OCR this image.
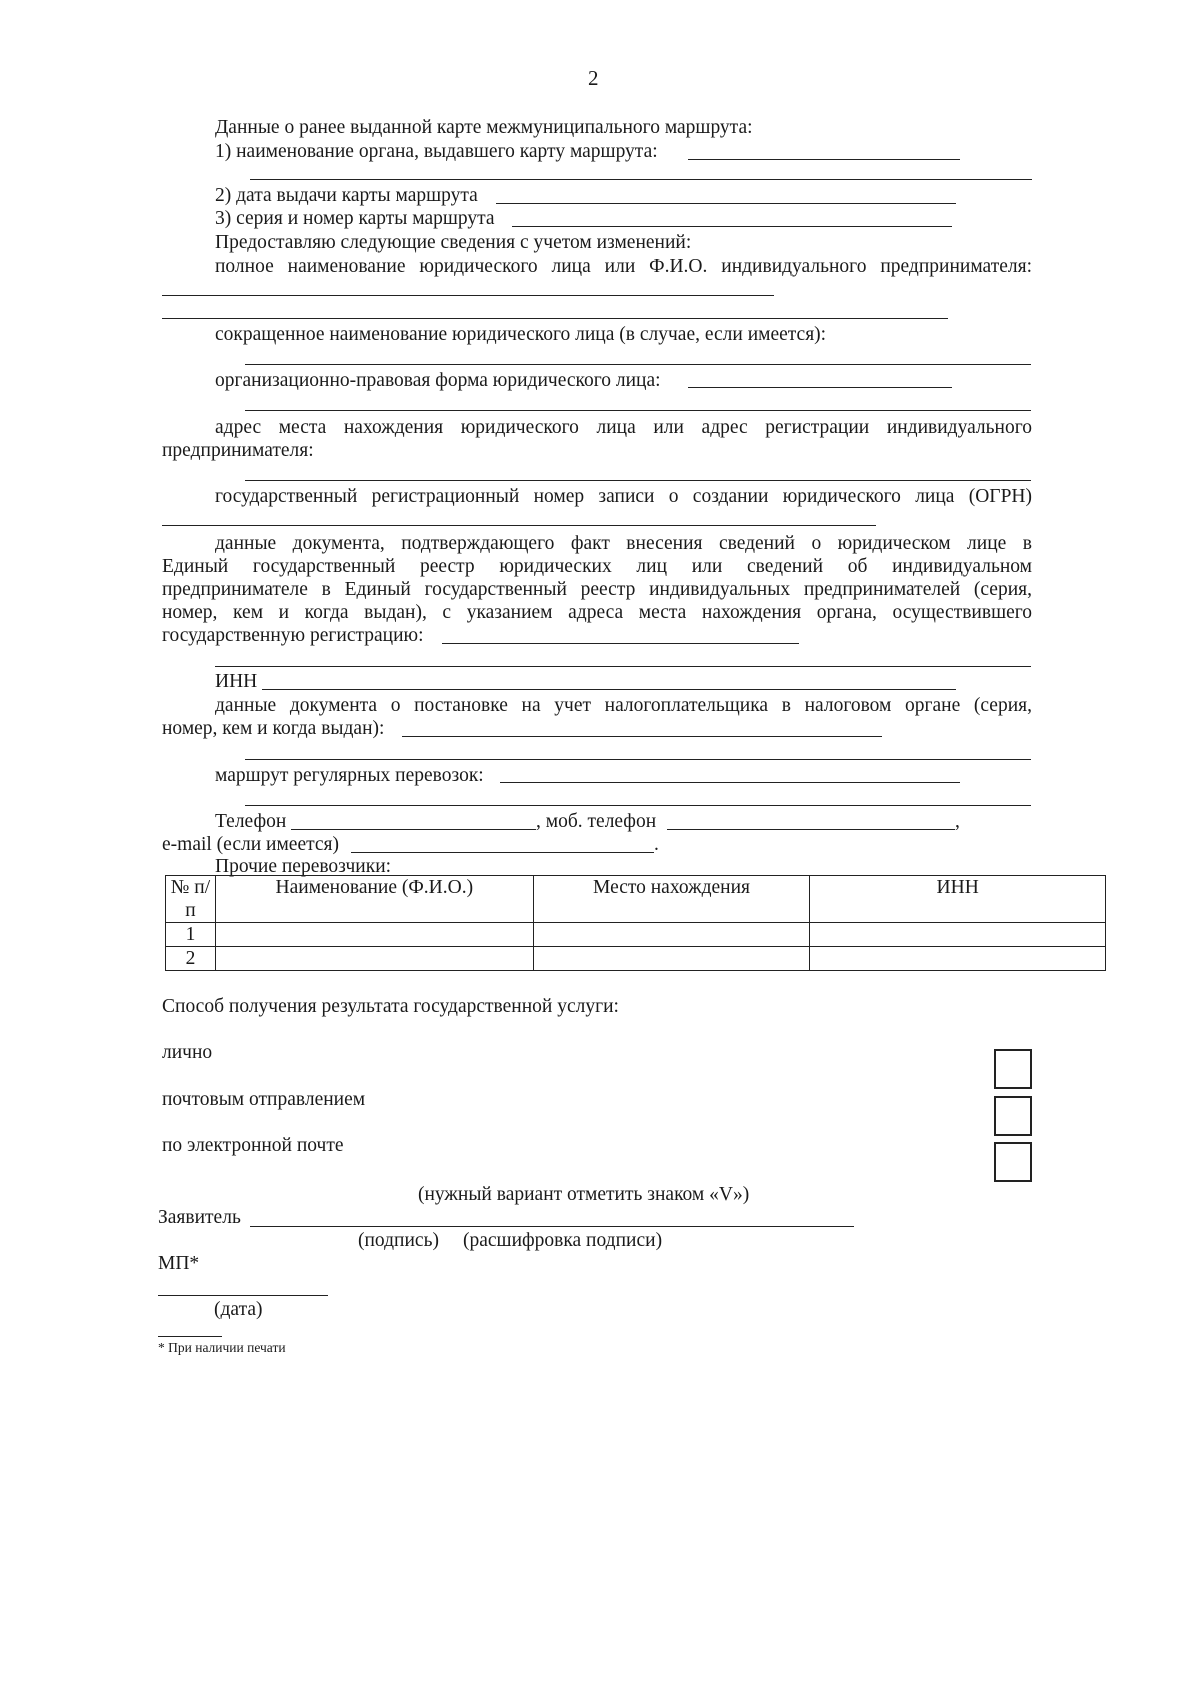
2
Данные о ранее выданной карте межмуниципального маршрута:
1) наименование органа, выдавшего карту маршрута:
2) дата выдачи карты маршрута
3) серия и номер карты маршрута
Предоставляю следующие сведения с учетом изменений:
полное наименование юридического лица или Ф.И.О. индивидуального предпринимателя:
сокращенное наименование юридического лица (в случае, если имеется):
организационно-правовая форма юридического лица:
адрес места нахождения юридического лица или адрес регистрации индивидуального
предпринимателя:
государственный регистрационный номер записи о создании юридического лица (ОГРН)
данные документа, подтверждающего факт внесения сведений о юридическом лице в
Единый государственный реестр юридических лиц или сведений об индивидуальном
предпринимателе в Единый государственный реестр индивидуальных предпринимателей (серия,
номер, кем и когда выдан), с указанием адреса места нахождения органа, осуществившего
государственную регистрацию:
ИНН
данные документа о постановке на учет налогоплательщика в налоговом органе (серия,
номер, кем и когда выдан):
маршрут регулярных перевозок:
Телефон	, моб. телефон	,
e-mail (если имеется)	.
Прочие перевозчики:
№ п/п	Наименование (Ф.И.О.)	Место нахождения	ИНН
1			
2			
Способ получения результата государственной услуги:
лично
почтовым отправлением
по электронной почте
(нужный вариант отметить знаком «V»)
Заявитель
(подпись) (расшифровка подписи)
МП*
(дата)
* При наличии печати
